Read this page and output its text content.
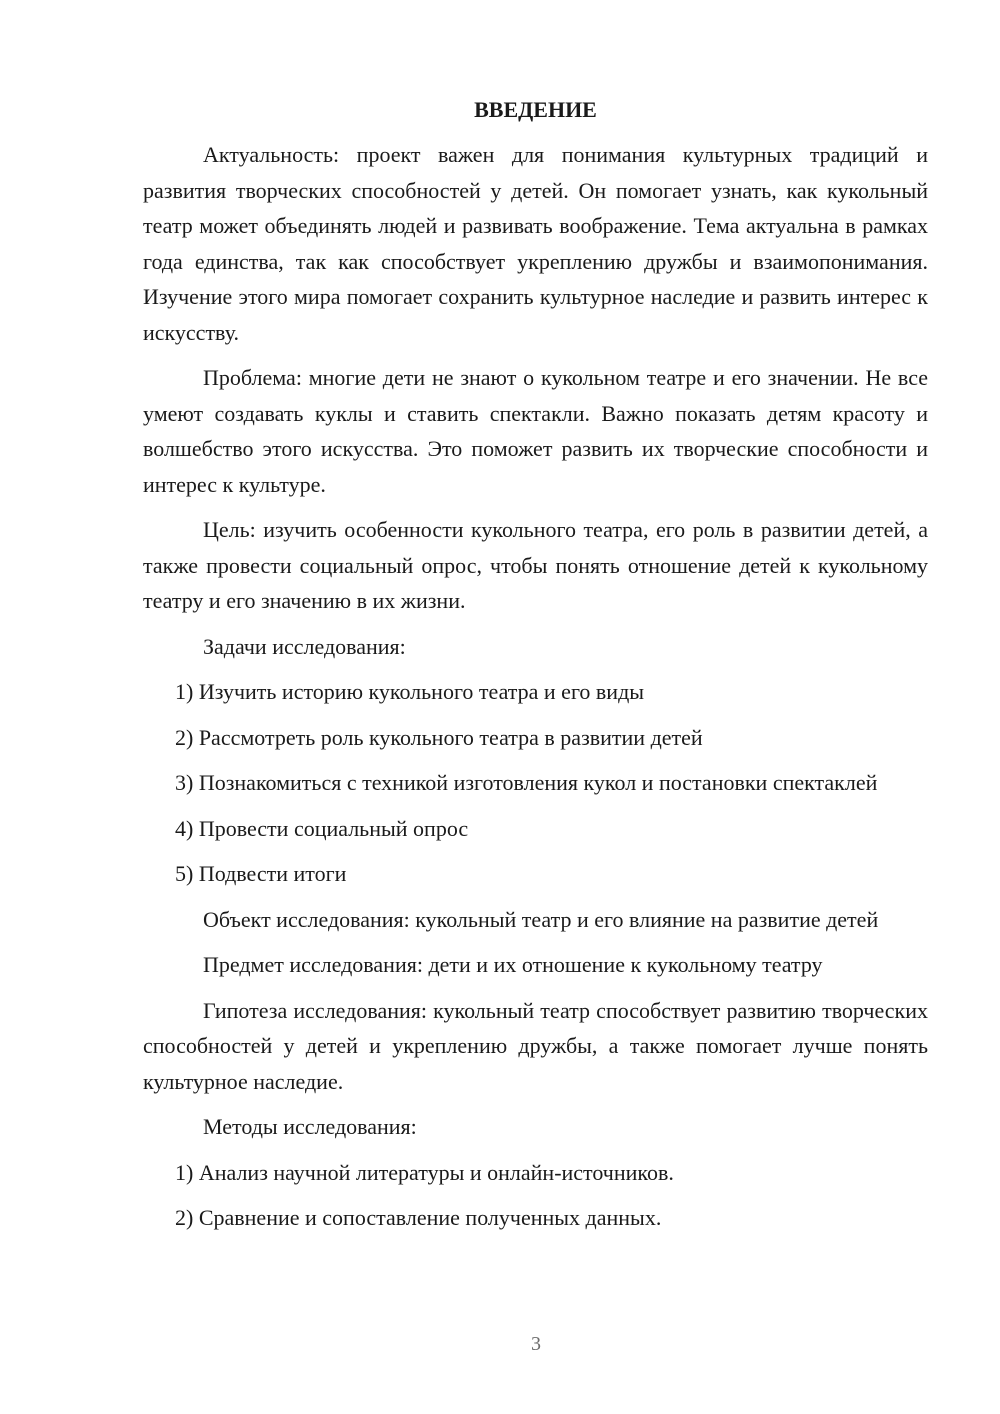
ВВЕДЕНИЕ

Актуальность: проект важен для понимания культурных традиций и развития творческих способностей у детей. Он помогает узнать, как кукольный театр может объединять людей и развивать воображение. Тема актуальна в рамках года единства, так как способствует укреплению дружбы и взаимопонимания. Изучение этого мира помогает сохранить культурное наследие и развить интерес к искусству.

Проблема: многие дети не знают о кукольном театре и его значении. Не все умеют создавать куклы и ставить спектакли. Важно показать детям красоту и волшебство этого искусства. Это поможет развить их творческие способности и интерес к культуре.

Цель: изучить особенности кукольного театра, его роль в развитии детей, а также провести социальный опрос, чтобы понять отношение детей к кукольному театру и его значению в их жизни.

Задачи исследования:

1) Изучить историю кукольного театра и его виды

2) Рассмотреть роль кукольного театра в развитии детей

3) Познакомиться с техникой изготовления кукол и постановки спектаклей

4) Провести социальный опрос

5) Подвести итоги

Объект исследования: кукольный театр и его влияние на развитие детей

Предмет исследования: дети и их отношение к кукольному театру

Гипотеза исследования: кукольный театр способствует развитию творческих способностей у детей и укреплению дружбы, а также помогает лучше понять культурное наследие.

Методы исследования:

1) Анализ научной литературы и онлайн-источников.

2) Сравнение и сопоставление полученных данных.

3
